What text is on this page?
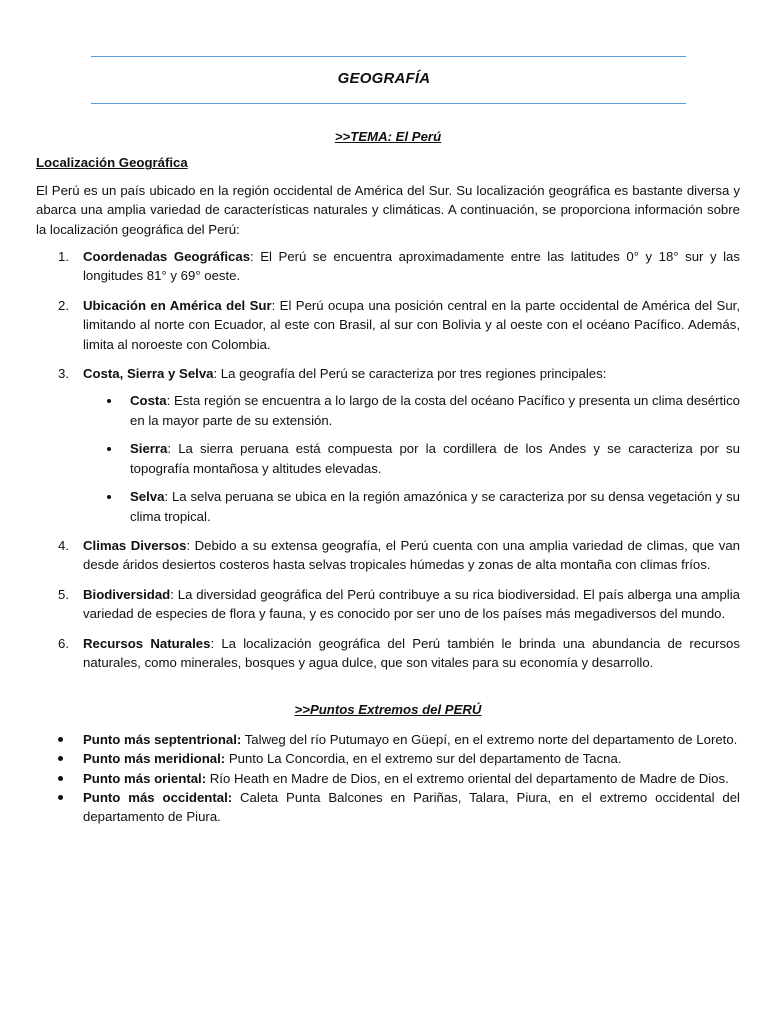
GEOGRAFÍA

>>TEMA: El Perú

Localización Geográfica

El Perú es un país ubicado en la región occidental de América del Sur. Su localización geográfica es bastante diversa y abarca una amplia variedad de características naturales y climáticas. A continuación, se proporciona información sobre la localización geográfica del Perú:

1. Coordenadas Geográficas: El Perú se encuentra aproximadamente entre las latitudes 0° y 18° sur y las longitudes 81° y 69° oeste.
2. Ubicación en América del Sur: El Perú ocupa una posición central en la parte occidental de América del Sur, limitando al norte con Ecuador, al este con Brasil, al sur con Bolivia y al oeste con el océano Pacífico. Además, limita al noroeste con Colombia.
3. Costa, Sierra y Selva: La geografía del Perú se caracteriza por tres regiones principales:
Costa: Esta región se encuentra a lo largo de la costa del océano Pacífico y presenta un clima desértico en la mayor parte de su extensión.
Sierra: La sierra peruana está compuesta por la cordillera de los Andes y se caracteriza por su topografía montañosa y altitudes elevadas.
Selva: La selva peruana se ubica en la región amazónica y se caracteriza por su densa vegetación y su clima tropical.
4. Climas Diversos: Debido a su extensa geografía, el Perú cuenta con una amplia variedad de climas, que van desde áridos desiertos costeros hasta selvas tropicales húmedas y zonas de alta montaña con climas fríos.
5. Biodiversidad: La diversidad geográfica del Perú contribuye a su rica biodiversidad. El país alberga una amplia variedad de especies de flora y fauna, y es conocido por ser uno de los países más megadiversos del mundo.
6. Recursos Naturales: La localización geográfica del Perú también le brinda una abundancia de recursos naturales, como minerales, bosques y agua dulce, que son vitales para su economía y desarrollo.

>>Puntos Extremos del PERÚ

Punto más septentrional: Talweg del río Putumayo en Güepí, en el extremo norte del departamento de Loreto.
Punto más meridional: Punto La Concordia, en el extremo sur del departamento de Tacna.
Punto más oriental: Río Heath en Madre de Dios, en el extremo oriental del departamento de Madre de Dios.
Punto más occidental: Caleta Punta Balcones en Pariñas, Talara, Piura, en el extremo occidental del departamento de Piura.
